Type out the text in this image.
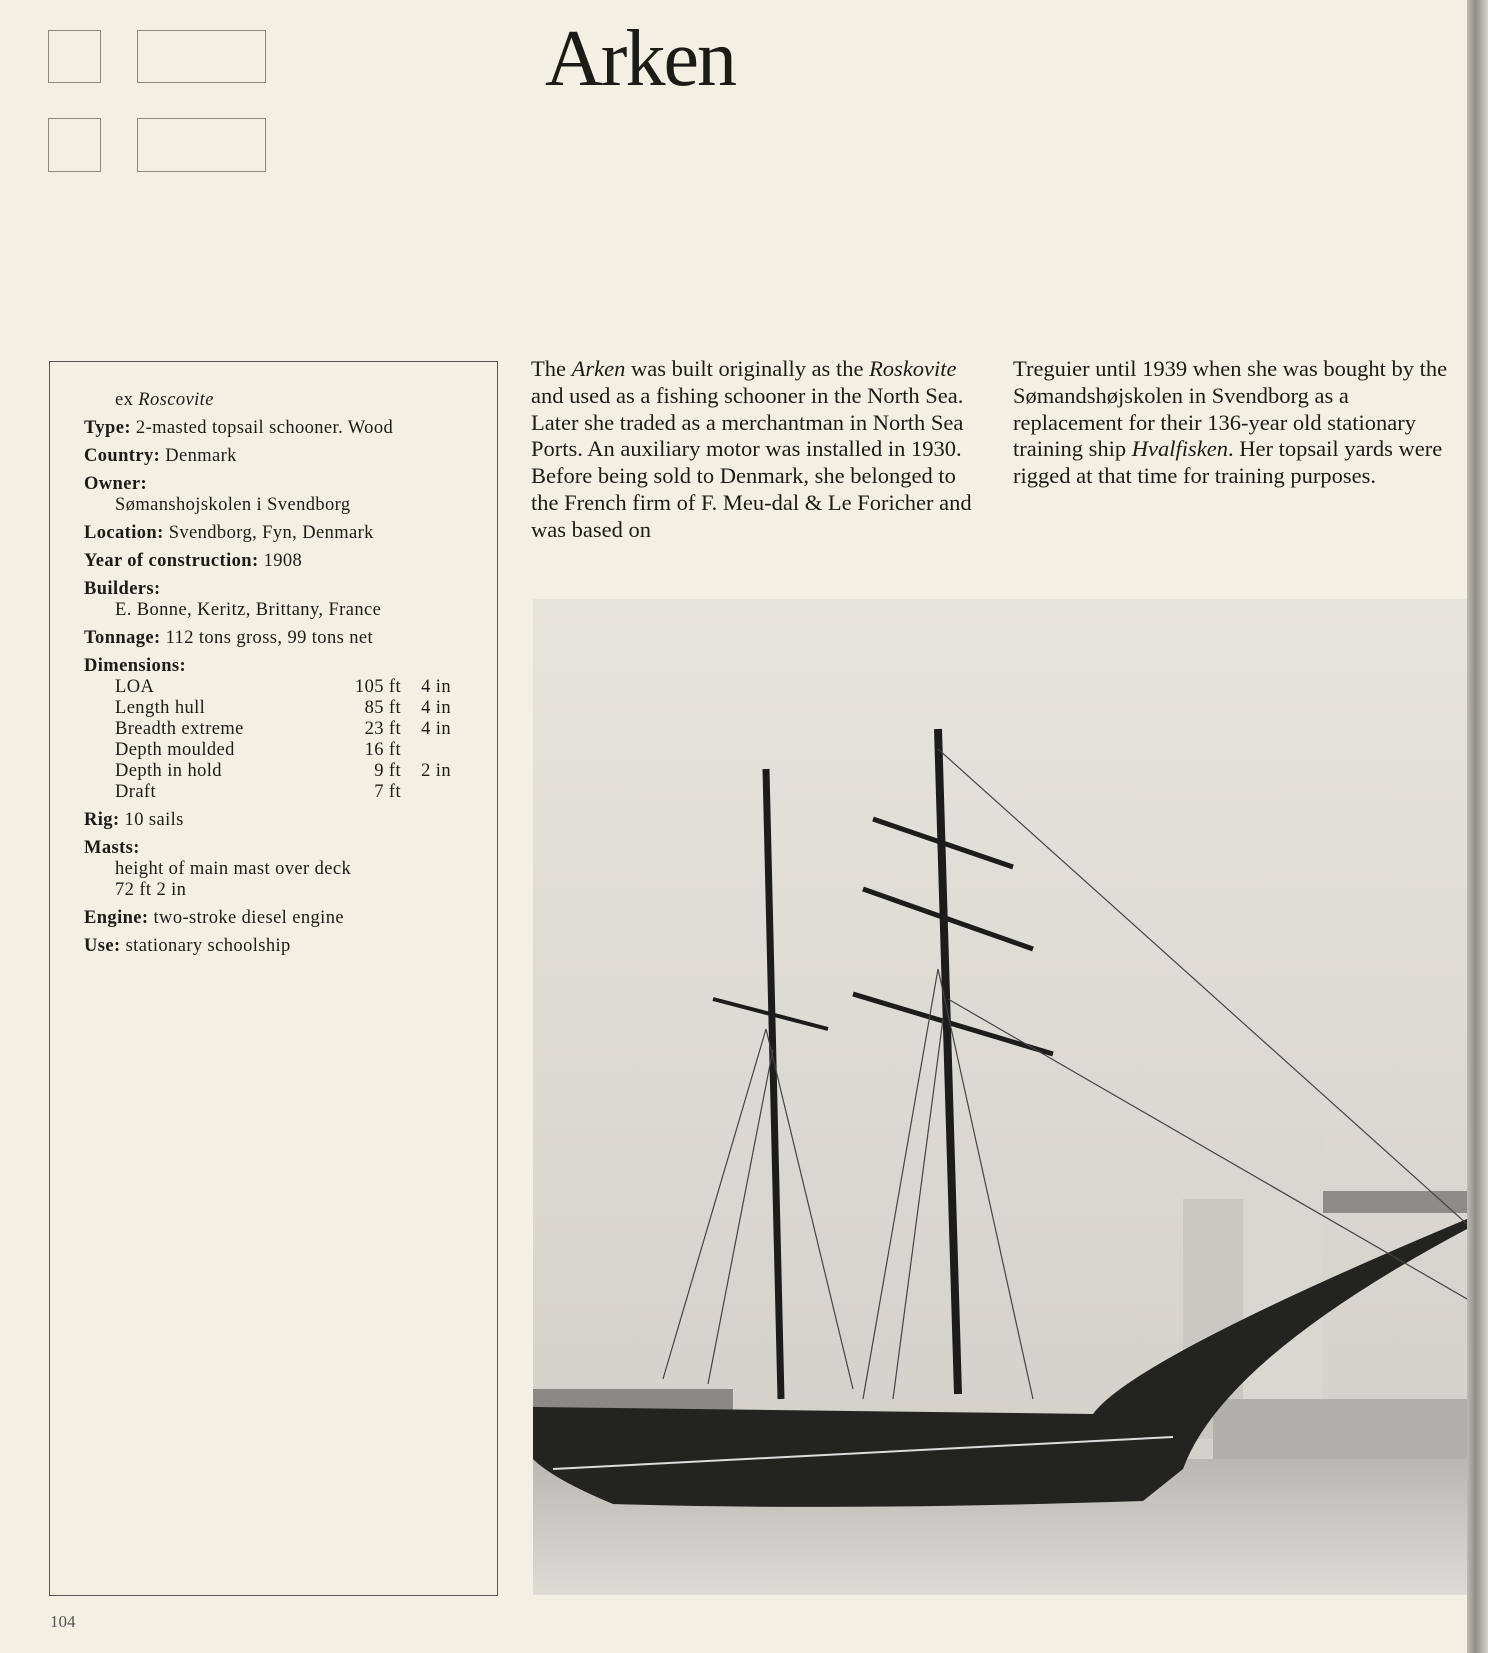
Arken
ex Roscovite
Type: 2-masted topsail schooner. Wood
Country: Denmark
Owner:
Sømanshojskolen i Svendborg
Location: Svendborg, Fyn, Denmark
Year of construction: 1908
Builders:
E. Bonne, Keritz, Brittany, France
Tonnage: 112 tons gross, 99 tons net
Dimensions:
LOA	105 ft	4 in
Length hull	85 ft	4 in
Breadth extreme	23 ft	4 in
Depth moulded	16 ft
Depth in hold	9 ft	2 in
Draft	7 ft
Rig: 10 sails
Masts:
height of main mast over deck
72 ft 2 in
Engine: two-stroke diesel engine
Use: stationary schoolship

The Arken was built originally as the Roskovite and used as a fishing schooner in the North Sea. Later she traded as a merchantman in North Sea Ports. An auxiliary motor was installed in 1930. Before being sold to Denmark, she belonged to the French firm of F. Meu-dal & Le Foricher and was based on

Treguier until 1939 when she was bought by the Sømandshøjskolen in Svendborg as a replacement for their 136-year old stationary training ship Hvalfisken. Her topsail yards were rigged at that time for training purposes.

104
